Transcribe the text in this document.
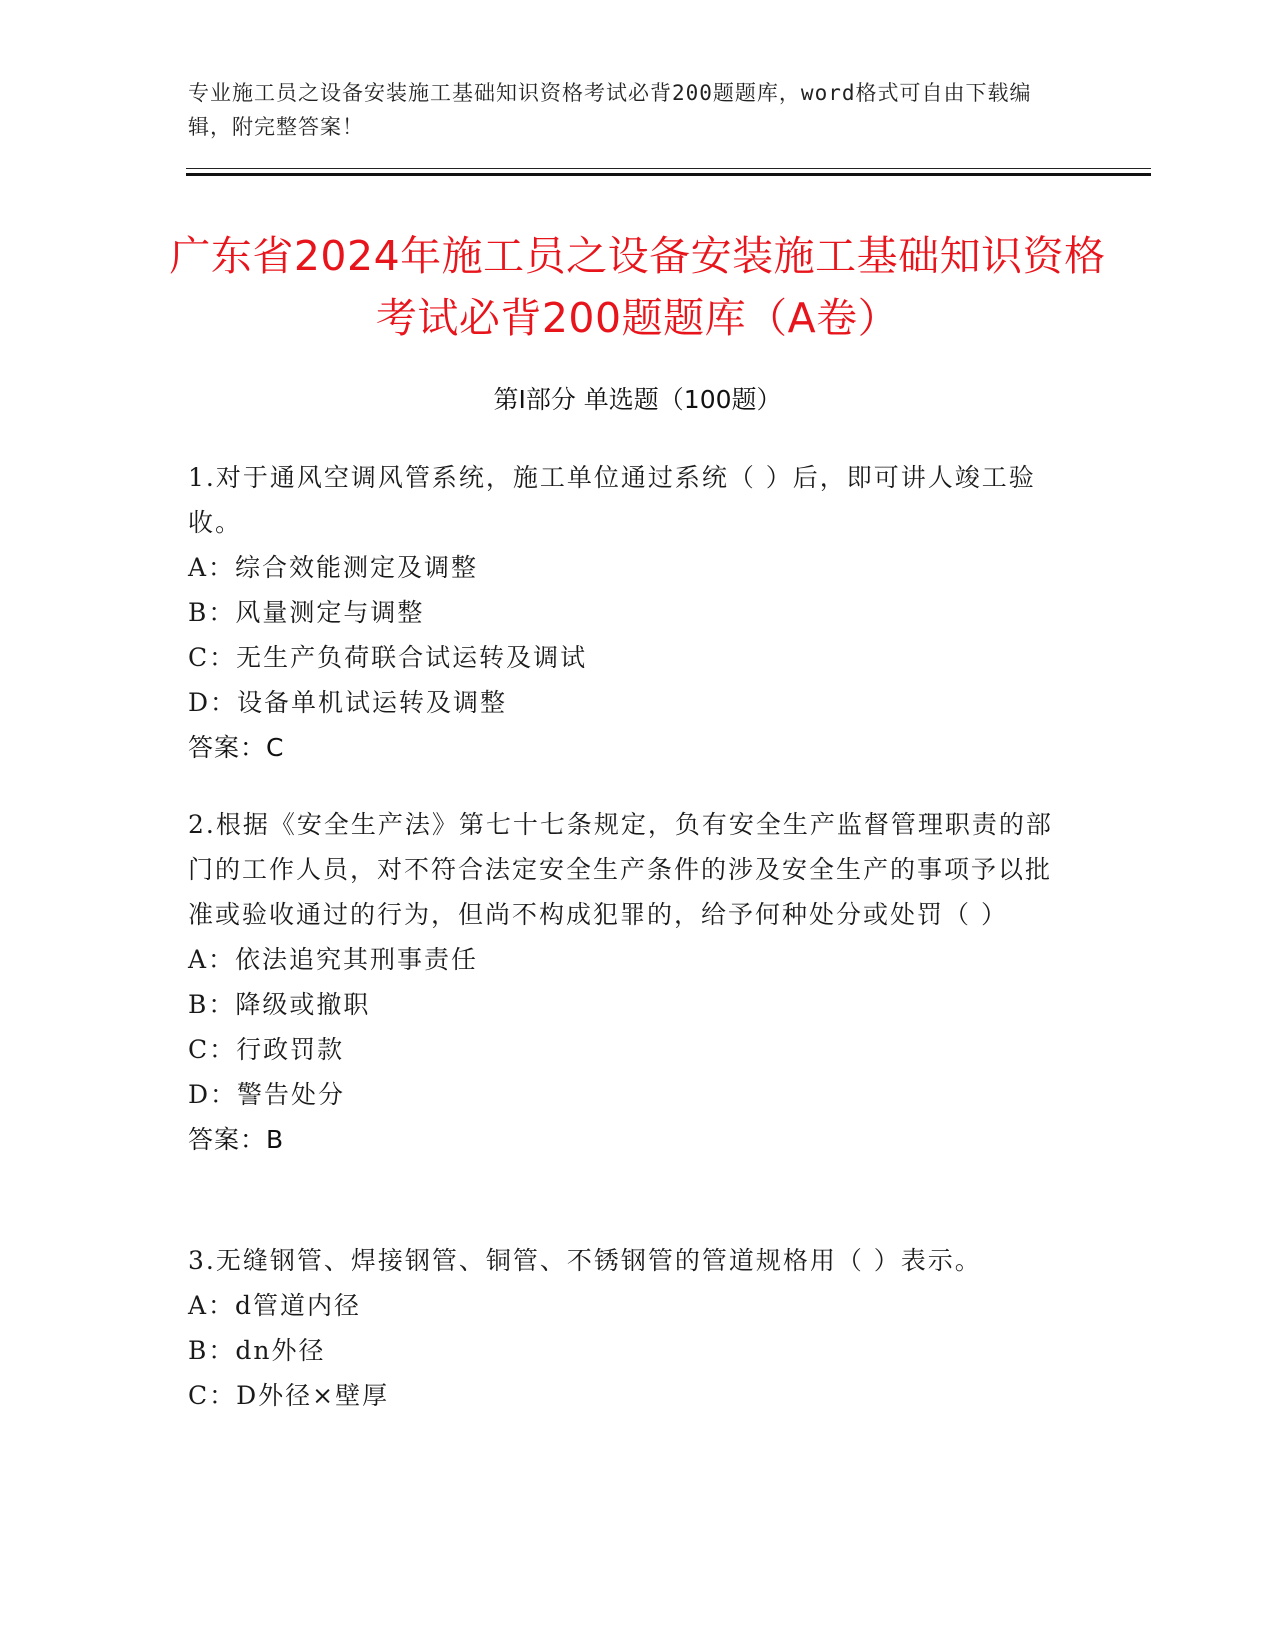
专业施工员之设备安装施工基础知识资格考试必背200题题库，word格式可自由下载编辑，附完整答案！
广东省2024年施工员之设备安装施工基础知识资格考试必背200题题库（A卷）
第Ⅰ部分 单选题（100题）
1.对于通风空调风管系统，施工单位通过系统（ ）后，即可讲人竣工验收。
A：综合效能测定及调整
B：风量测定与调整
C：无生产负荷联合试运转及调试
D：设备单机试运转及调整
答案：C
2.根据《安全生产法》第七十七条规定，负有安全生产监督管理职责的部门的工作人员，对不符合法定安全生产条件的涉及安全生产的事项予以批准或验收通过的行为，但尚不构成犯罪的，给予何种处分或处罚（ ）
A：依法追究其刑事责任
B：降级或撤职
C：行政罚款
D：警告处分
答案：B
3.无缝钢管、焊接钢管、铜管、不锈钢管的管道规格用（ ）表示。
A：d管道内径
B：dn外径
C：D外径×壁厚
